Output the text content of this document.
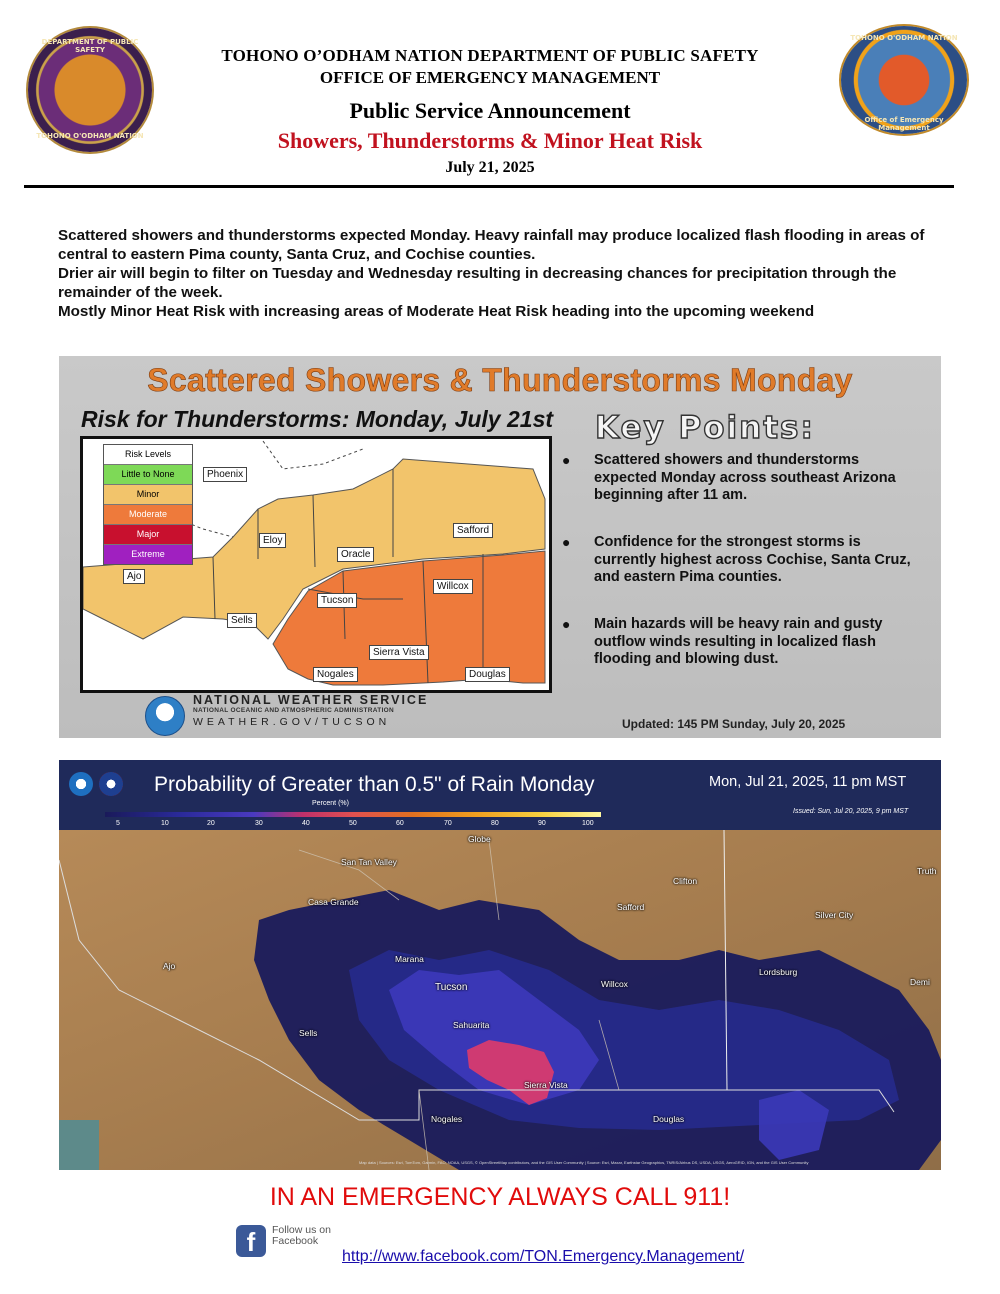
DEPARTMENT OF PUBLIC SAFETY
TOHONO O'ODHAM NATION
TOHONO O'ODHAM NATION
Office of Emergency Management
TOHONO O’ODHAM NATION DEPARTMENT OF PUBLIC SAFETY
OFFICE OF EMERGENCY MANAGEMENT
Public Service Announcement
Showers, Thunderstorms & Minor Heat Risk
July 21, 2025

Scattered showers and thunderstorms expected Monday. Heavy rainfall may produce localized flash flooding in areas of central to eastern Pima county, Santa Cruz, and Cochise counties.

Drier air will begin to filter on Tuesday and Wednesday resulting in decreasing chances for precipitation through the remainder of the week.

Mostly Minor Heat Risk with increasing areas of Moderate Heat Risk heading into the upcoming weekend

Scattered Showers & Thunderstorms Monday
Risk for Thunderstorms: Monday, July 21st
Risk Levels
Little to None
Minor
Moderate
Major
Extreme
Phoenix
Safford
Eloy
Oracle
Ajo
Willcox
Tucson
Sells
Sierra Vista
Nogales	Douglas
Key Points:
● Scattered showers and thunderstorms expected Monday across southeast Arizona beginning after 11 am.
● Confidence for the strongest storms is currently highest across Cochise, Santa Cruz, and eastern Pima counties.
● Main hazards will be heavy rain and gusty outflow winds resulting in localized flash flooding and blowing dust.
NATIONAL WEATHER SERVICE
NATIONAL OCEANIC AND ATMOSPHERIC ADMINISTRATION
WEATHER.GOV/TUCSON	Updated: 145 PM Sunday, July 20, 2025
Probability of Greater than 0.5" of Rain Monday	Mon, Jul 21, 2025, 11 pm MST
Issued: Sun, Jul 20, 2025, 9 pm MST
Percent (%)
5	10	20	30	40	50	60	70	80	90	100
Globe
San Tan Valley
Clifton
Truth
Casa Grande	Safford
Silver City
Marana
Lordsburg
Ajo
Demi
Tucson	Willcox
Sells
Sahuarita
Sierra Vista
Nogales	Douglas
Map data | Sources: Esri, TomTom, Garmin, FAO, NOAA, USGS, © OpenStreetMap contributors, and the GIS User Community | Source: Esri, Maxar, Earthstar Geographics, TNRIS/Airbus DS, USDA, USGS, AeroGRID, IGN, and the GIS User Community
IN AN EMERGENCY ALWAYS CALL 911!
f	Follow us on Facebook
http://www.facebook.com/TON.Emergency.Management/
